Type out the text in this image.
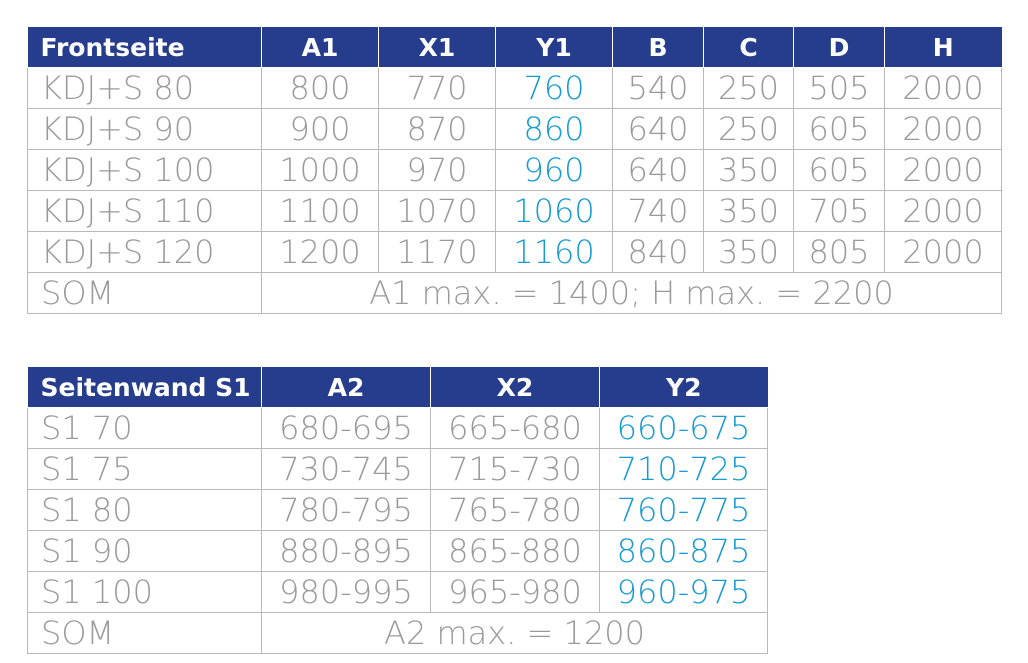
Frontseite	A1	X1	Y1	B	C	D	H
KDJ+S 80	800	770	760	540	250	505	2000
KDJ+S 90	900	870	860	640	250	605	2000
KDJ+S 100	1000	970	960	640	350	605	2000
KDJ+S 110	1100	1070	1060	740	350	705	2000
KDJ+S 120	1200	1170	1160	840	350	805	2000
SOM	A1 max. = 1400; H max. = 2200						
Seitenwand S1	A2	X2	Y2
S1 70	680-695	665-680	660-675
S1 75	730-745	715-730	710-725
S1 80	780-795	765-780	760-775
S1 90	880-895	865-880	860-875
S1 100	980-995	965-980	960-975
SOM	A2 max. = 1200		
